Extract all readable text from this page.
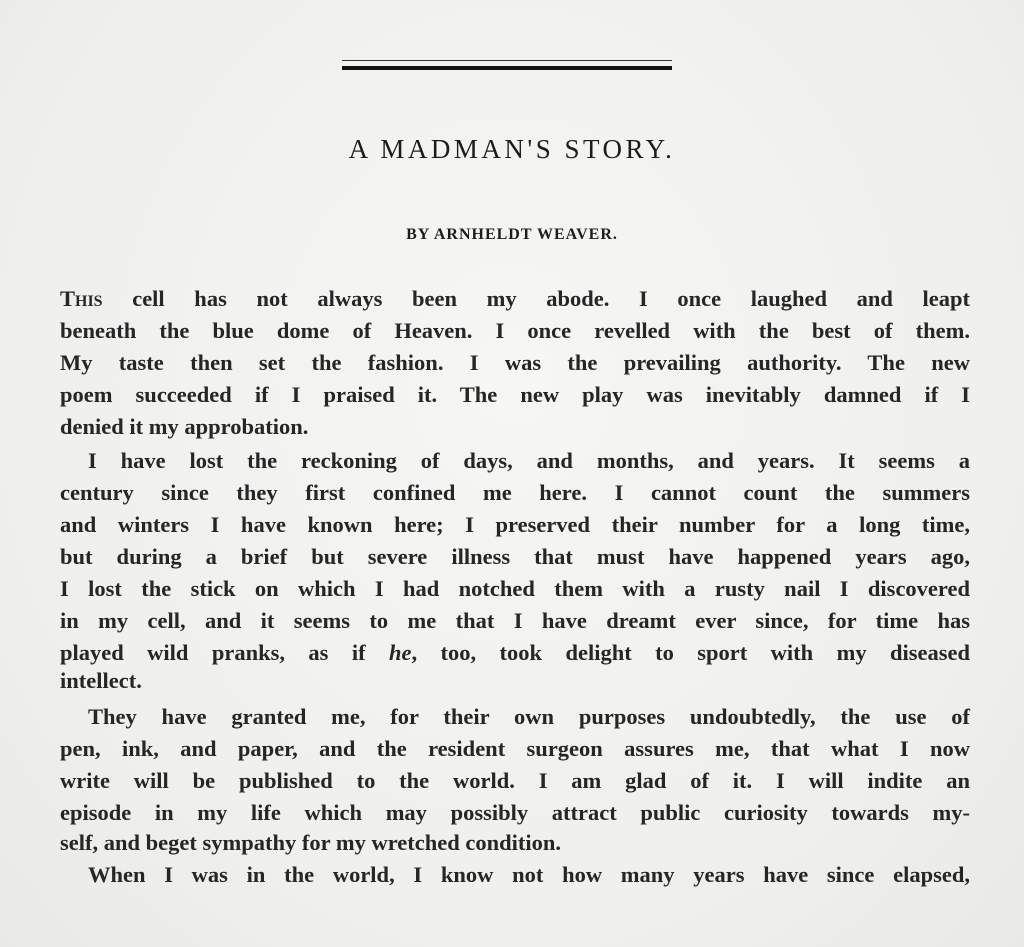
A MADMAN'S STORY.

BY ARNHELDT WEAVER.

This cell has not always been my abode. I once laughed and leapt
beneath the blue dome of Heaven. I once revelled with the best of them.
My taste then set the fashion. I was the prevailing authority. The new
poem succeeded if I praised it. The new play was inevitably damned if I
denied it my approbation.
I have lost the reckoning of days, and months, and years. It seems a
century since they first confined me here. I cannot count the summers
and winters I have known here; I preserved their number for a long time,
but during a brief but severe illness that must have happened years ago,
I lost the stick on which I had notched them with a rusty nail I discovered
in my cell, and it seems to me that I have dreamt ever since, for time has
played wild pranks, as if he, too, took delight to sport with my diseased
intellect.
They have granted me, for their own purposes undoubtedly, the use of
pen, ink, and paper, and the resident surgeon assures me, that what I now
write will be published to the world. I am glad of it. I will indite an
episode in my life which may possibly attract public curiosity towards my-
self, and beget sympathy for my wretched condition.
When I was in the world, I know not how many years have since elapsed,
